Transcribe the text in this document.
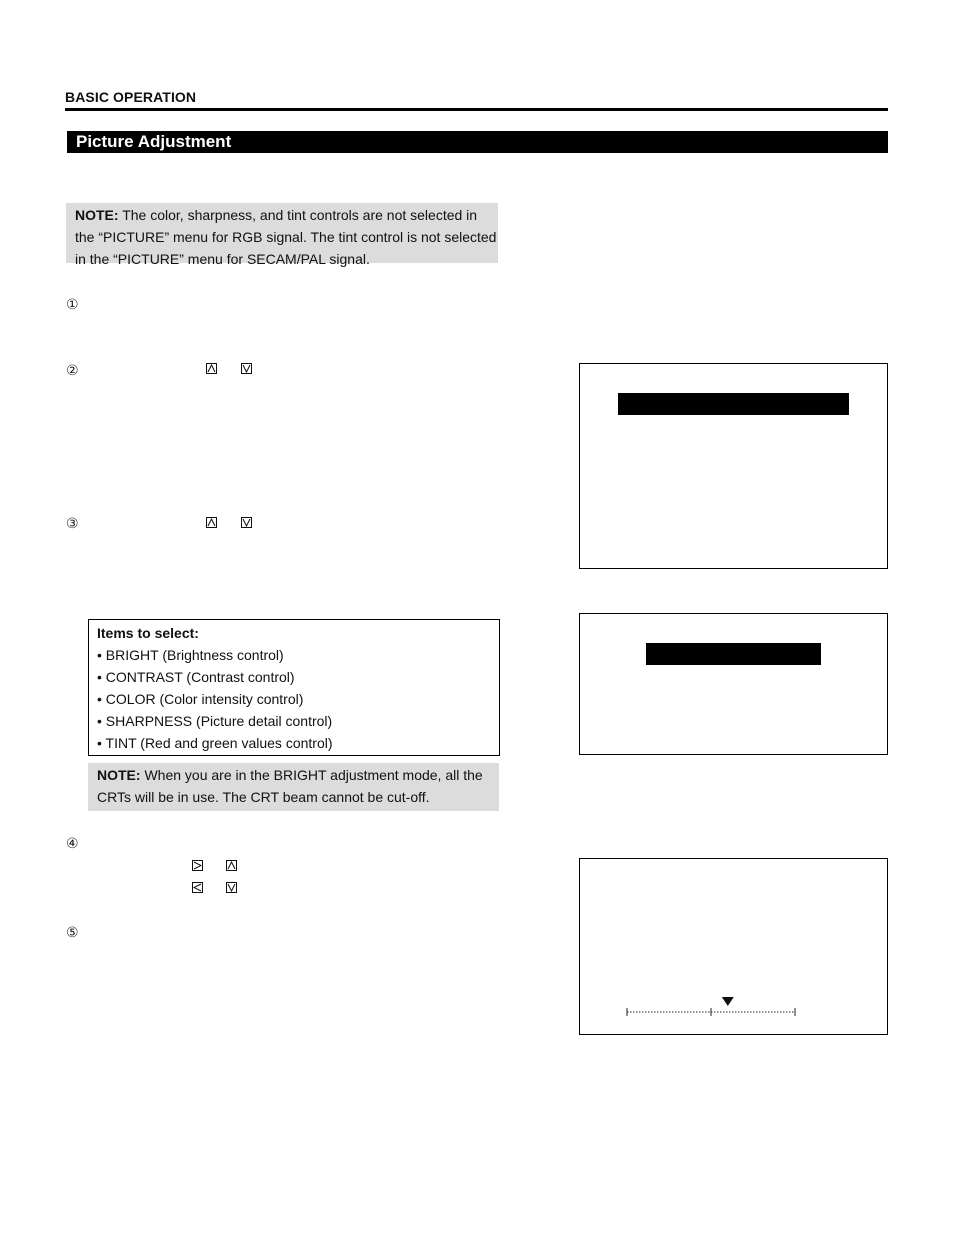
BASIC OPERATION
Picture Adjustment
NOTE: The color, sharpness, and tint controls are not selected in the “PICTURE” menu for RGB signal. The tint control is not selected in the “PICTURE” menu for SECAM/PAL signal.
①
②
③
④
⑤
Items to select:
• BRIGHT (Brightness control)
• CONTRAST (Contrast control)
• COLOR (Color intensity control)
• SHARPNESS (Picture detail control)
• TINT (Red and green values control)
NOTE: When you are in the BRIGHT adjustment mode, all the CRTs will be in use. The CRT beam cannot be cut-off.
